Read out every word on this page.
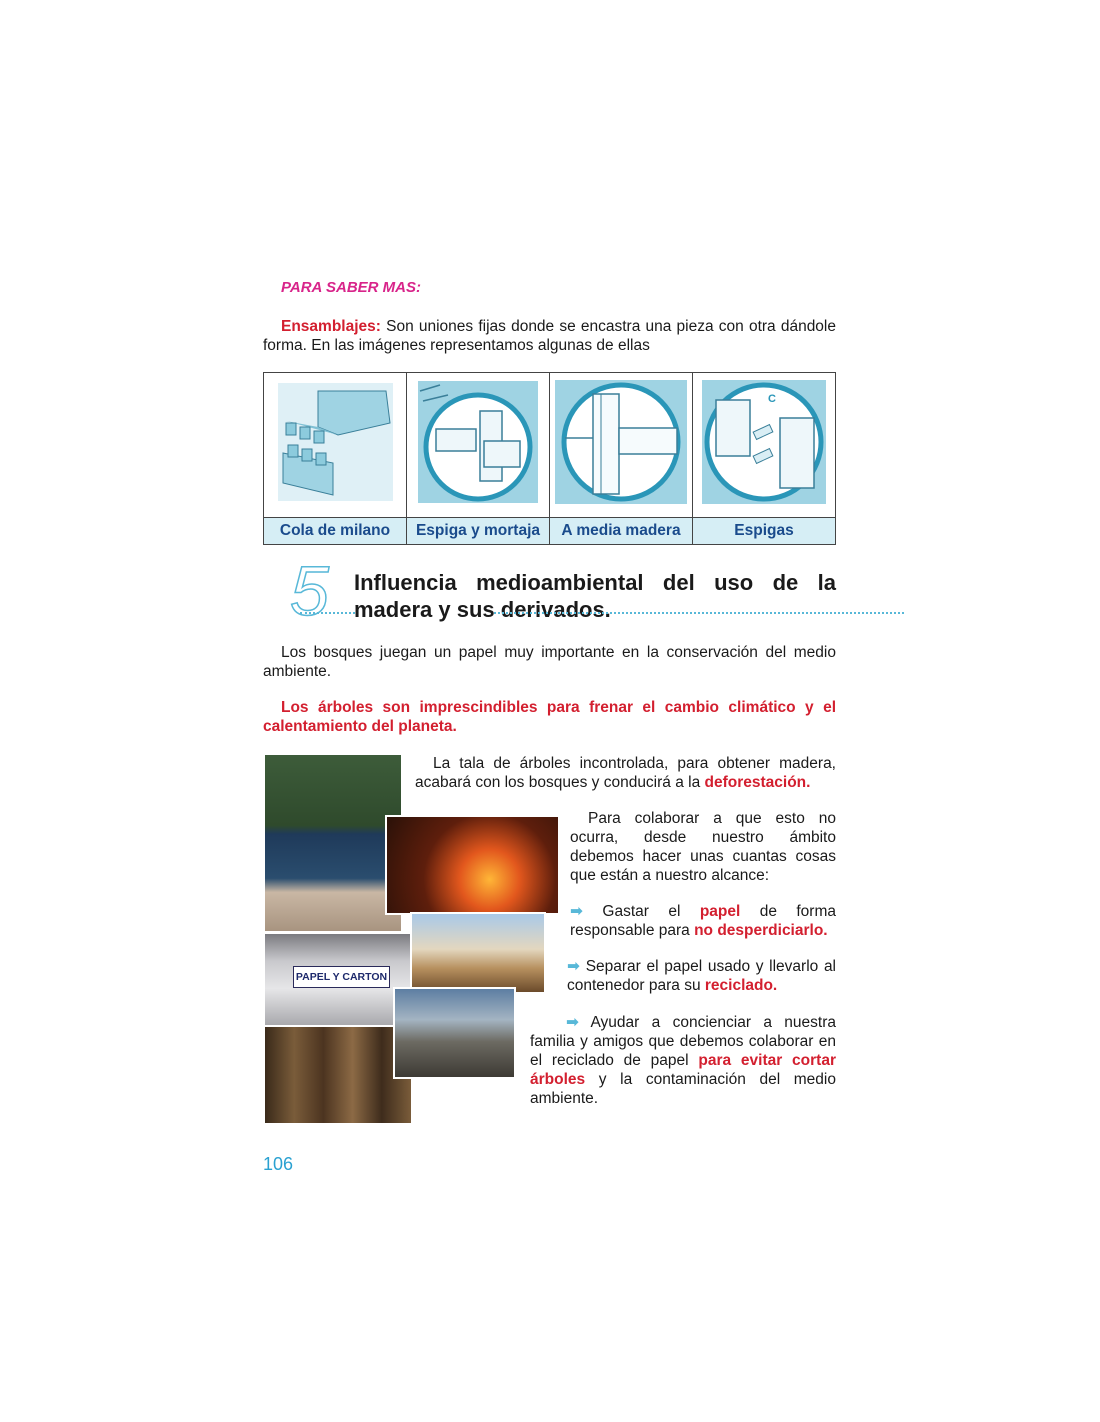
PARA SABER MAS:
Ensamblajes: Son uniones fijas donde se encastra una pieza con otra dándole forma. En las imágenes representamos algunas de ellas

C

Cola de milano	Espiga y mortaja	A media madera	Espigas
5 Influencia medioambiental del uso de la madera y sus derivados.
Los bosques juegan un papel muy importante en la conservación del medio ambiente.
Los árboles son imprescindibles para frenar el cambio climático y el calentamiento del planeta.
PAPEL Y CARTON
La tala de árboles incontrolada, para obtener madera, acabará con los bosques y conducirá a la deforestación.
Para colaborar a que esto no ocurra, desde nuestro ámbito debemos hacer unas cuantas cosas que están a nuestro alcance:
➡ Gastar el papel de forma responsable para no desperdiciarlo.
➡ Separar el papel usado y llevarlo al contenedor para su reciclado.
➡ Ayudar a concienciar a nuestra familia y amigos que debemos colaborar en el reciclado de papel para evitar cortar árboles y la contaminación del medio ambiente.
106
